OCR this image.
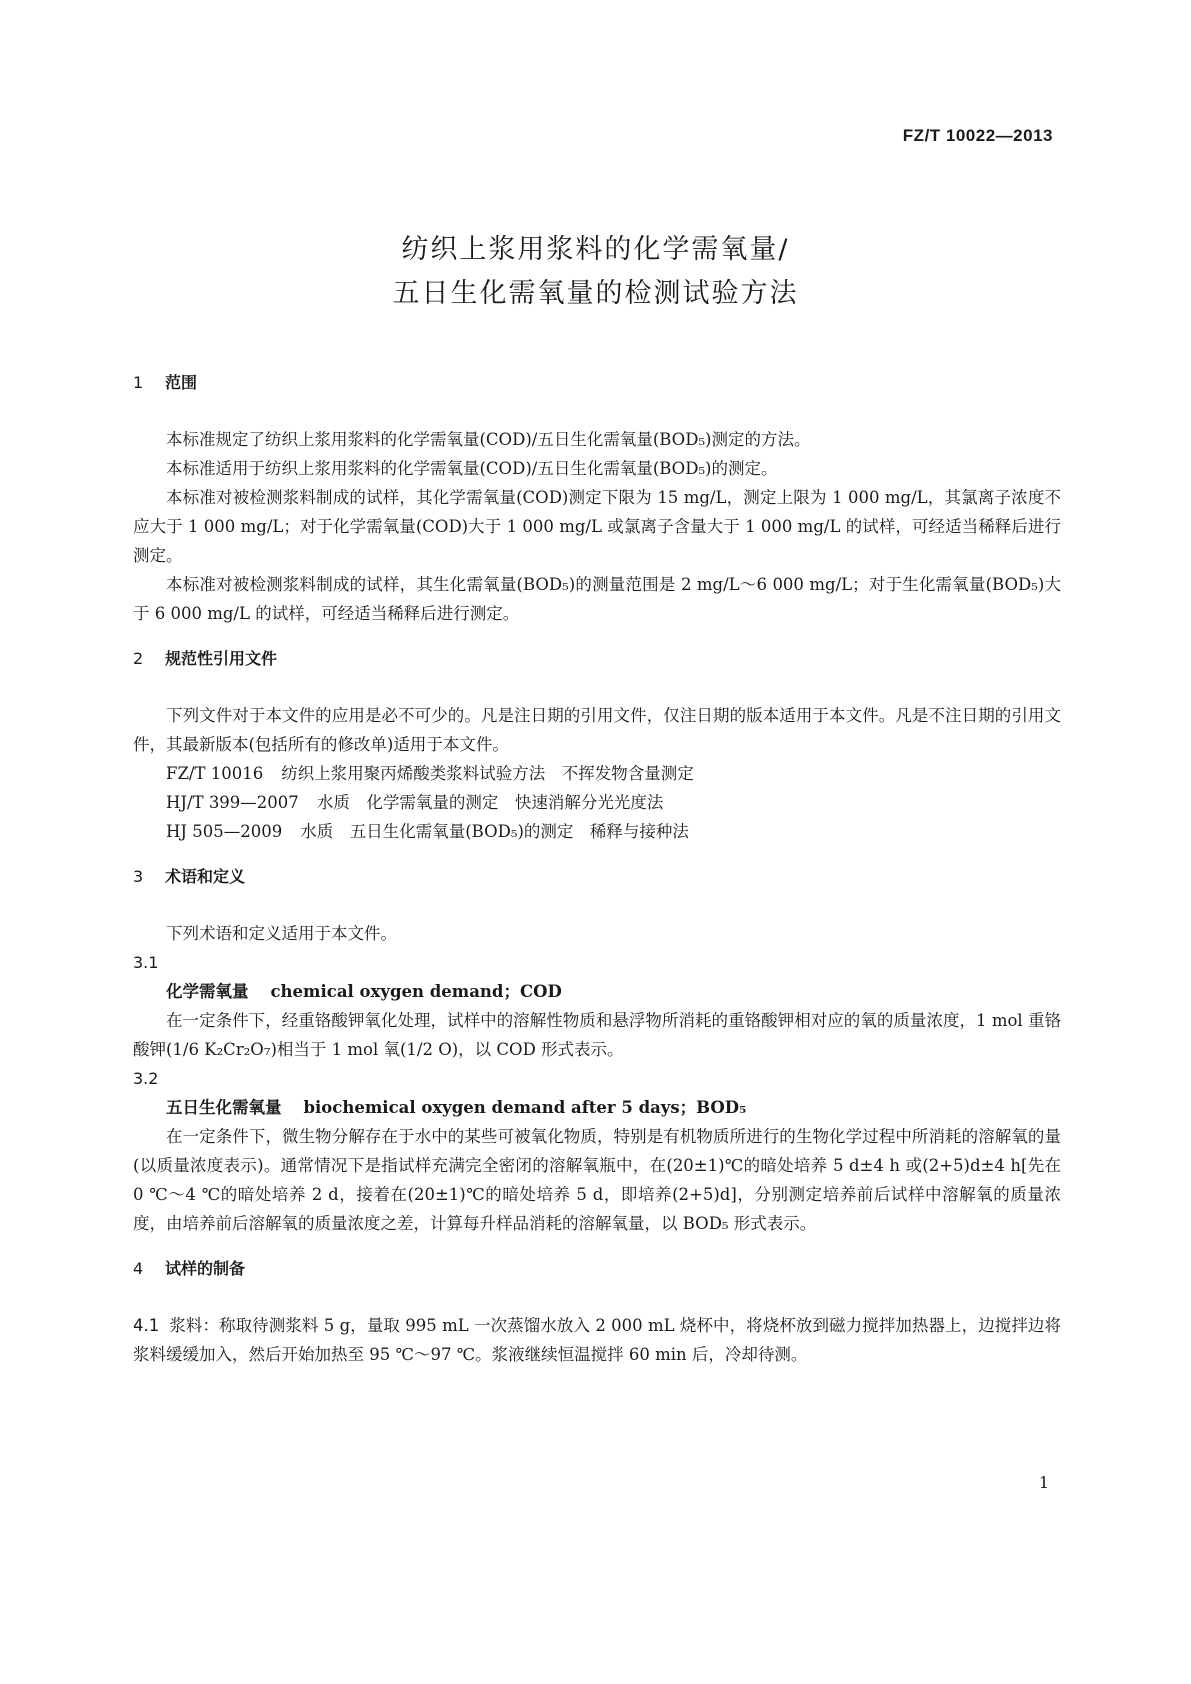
FZ/T 10022—2013
纺织上浆用浆料的化学需氧量/
五日生化需氧量的检测试验方法

1 范围

本标准规定了纺织上浆用浆料的化学需氧量(COD)/五日生化需氧量(BOD₅)测定的方法。

本标准适用于纺织上浆用浆料的化学需氧量(COD)/五日生化需氧量(BOD₅)的测定。

本标准对被检测浆料制成的试样，其化学需氧量(COD)测定下限为 15 mg/L，测定上限为 1 000 mg/L，其氯离子浓度不应大于 1 000 mg/L；对于化学需氧量(COD)大于 1 000 mg/L 或氯离子含量大于 1 000 mg/L 的试样，可经适当稀释后进行测定。

本标准对被检测浆料制成的试样，其生化需氧量(BOD₅)的测量范围是 2 mg/L～6 000 mg/L；对于生化需氧量(BOD₅)大于 6 000 mg/L 的试样，可经适当稀释后进行测定。

2 规范性引用文件

下列文件对于本文件的应用是必不可少的。凡是注日期的引用文件，仅注日期的版本适用于本文件。凡是不注日期的引用文件，其最新版本(包括所有的修改单)适用于本文件。

FZ/T 10016 纺织上浆用聚丙烯酸类浆料试验方法　不挥发物含量测定

HJ/T 399—2007 水质　化学需氧量的测定　快速消解分光光度法

HJ 505—2009 水质　五日生化需氧量(BOD₅)的测定　稀释与接种法

3 术语和定义

下列术语和定义适用于本文件。

3.1

化学需氧量 chemical oxygen demand；COD

在一定条件下，经重铬酸钾氧化处理，试样中的溶解性物质和悬浮物所消耗的重铬酸钾相对应的氧的质量浓度，1 mol 重铬酸钾(1/6 K₂Cr₂O₇)相当于 1 mol 氧(1/2 O)，以 COD 形式表示。

3.2

五日生化需氧量 biochemical oxygen demand after 5 days；BOD₅

在一定条件下，微生物分解存在于水中的某些可被氧化物质，特别是有机物质所进行的生物化学过程中所消耗的溶解氧的量(以质量浓度表示)。通常情况下是指试样充满完全密闭的溶解氧瓶中，在(20±1)℃的暗处培养 5 d±4 h 或(2+5)d±4 h[先在 0 ℃～4 ℃的暗处培养 2 d，接着在(20±1)℃的暗处培养 5 d，即培养(2+5)d]，分别测定培养前后试样中溶解氧的质量浓度，由培养前后溶解氧的质量浓度之差，计算每升样品消耗的溶解氧量，以 BOD₅ 形式表示。

4 试样的制备

4.1 浆料：称取待测浆料 5 g，量取 995 mL 一次蒸馏水放入 2 000 mL 烧杯中，将烧杯放到磁力搅拌加热器上，边搅拌边将浆料缓缓加入，然后开始加热至 95 ℃～97 ℃。浆液继续恒温搅拌 60 min 后，冷却待测。

1
